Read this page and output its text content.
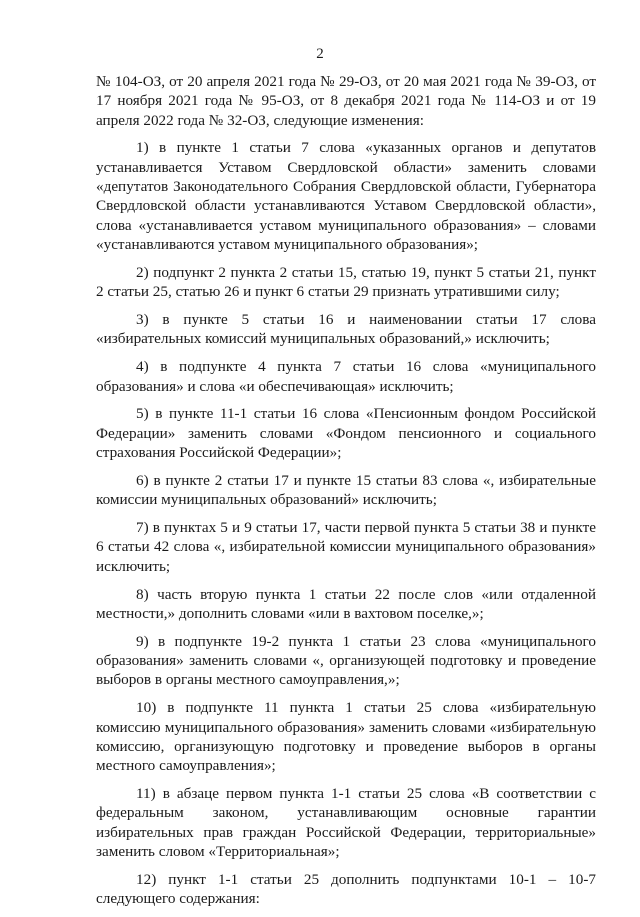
2

№ 104-ОЗ, от 20 апреля 2021 года № 29-ОЗ, от 20 мая 2021 года № 39-ОЗ, от 17 ноября 2021 года № 95-ОЗ, от 8 декабря 2021 года № 114-ОЗ и от 19 апреля 2022 года № 32-ОЗ, следующие изменения:

1) в пункте 1 статьи 7 слова «указанных органов и депутатов устанавливается Уставом Свердловской области» заменить словами «депутатов Законодательного Собрания Свердловской области, Губернатора Свердловской области устанавливаются Уставом Свердловской области», слова «устанавливается уставом муниципального образования» – словами «устанавливаются уставом муниципального образования»;

2) подпункт 2 пункта 2 статьи 15, статью 19, пункт 5 статьи 21, пункт 2 статьи 25, статью 26 и пункт 6 статьи 29 признать утратившими силу;

3) в пункте 5 статьи 16 и наименовании статьи 17 слова «избирательных комиссий муниципальных образований,» исключить;

4) в подпункте 4 пункта 7 статьи 16 слова «муниципального образования» и слова «и обеспечивающая» исключить;

5) в пункте 11-1 статьи 16 слова «Пенсионным фондом Российской Федерации» заменить словами «Фондом пенсионного и социального страхования Российской Федерации»;

6) в пункте 2 статьи 17 и пункте 15 статьи 83 слова «, избирательные комиссии муниципальных образований» исключить;

7) в пунктах 5 и 9 статьи 17, части первой пункта 5 статьи 38 и пункте 6 статьи 42 слова «, избирательной комиссии муниципального образования» исключить;

8) часть вторую пункта 1 статьи 22 после слов «или отдаленной местности,» дополнить словами «или в вахтовом поселке,»;

9) в подпункте 19-2 пункта 1 статьи 23 слова «муниципального образования» заменить словами «, организующей подготовку и проведение выборов в органы местного самоуправления,»;

10) в подпункте 11 пункта 1 статьи 25 слова «избирательную комиссию муниципального образования» заменить словами «избирательную комиссию, организующую подготовку и проведение выборов в органы местного самоуправления»;

11) в абзаце первом пункта 1-1 статьи 25 слова «В соответствии с федеральным законом, устанавливающим основные гарантии избирательных прав граждан Российской Федерации, территориальные» заменить словом «Территориальная»;

12) пункт 1-1 статьи 25 дополнить подпунктами 10-1 – 10-7 следующего содержания:
